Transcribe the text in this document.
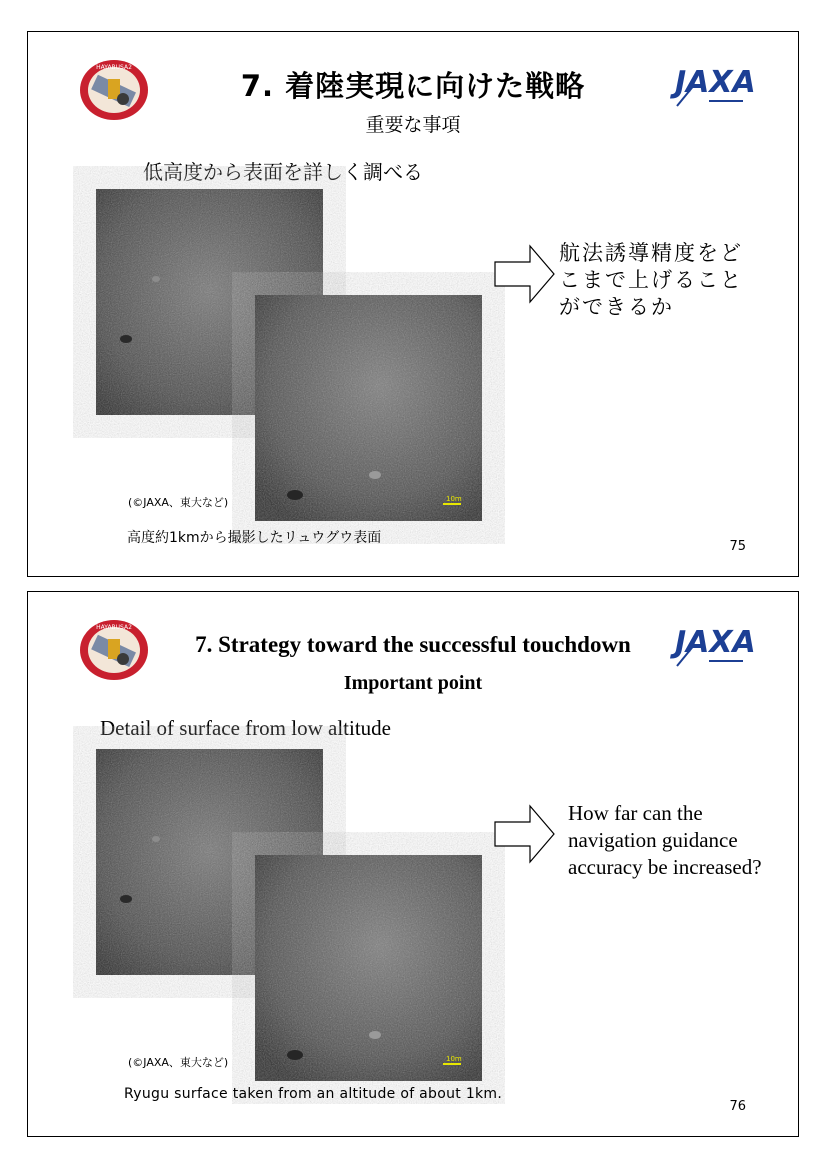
HAYABUSA2
7. 着陸実現に向けた戦略	JAXA
重要な事項
低高度から表面を詳しく調べる
10m
航法誘導精度をどこまで上げることができるか
(©JAXA、東大など)
高度約1kmから撮影したリュウグウ表面
75
HAYABUSA2
7. Strategy toward the successful touchdown	JAXA
Important point
Detail of surface from low altitude
10m
How far can the navigation guidance accuracy be increased?
(©JAXA、東大など)
Ryugu surface taken from an altitude of about 1km.
76
